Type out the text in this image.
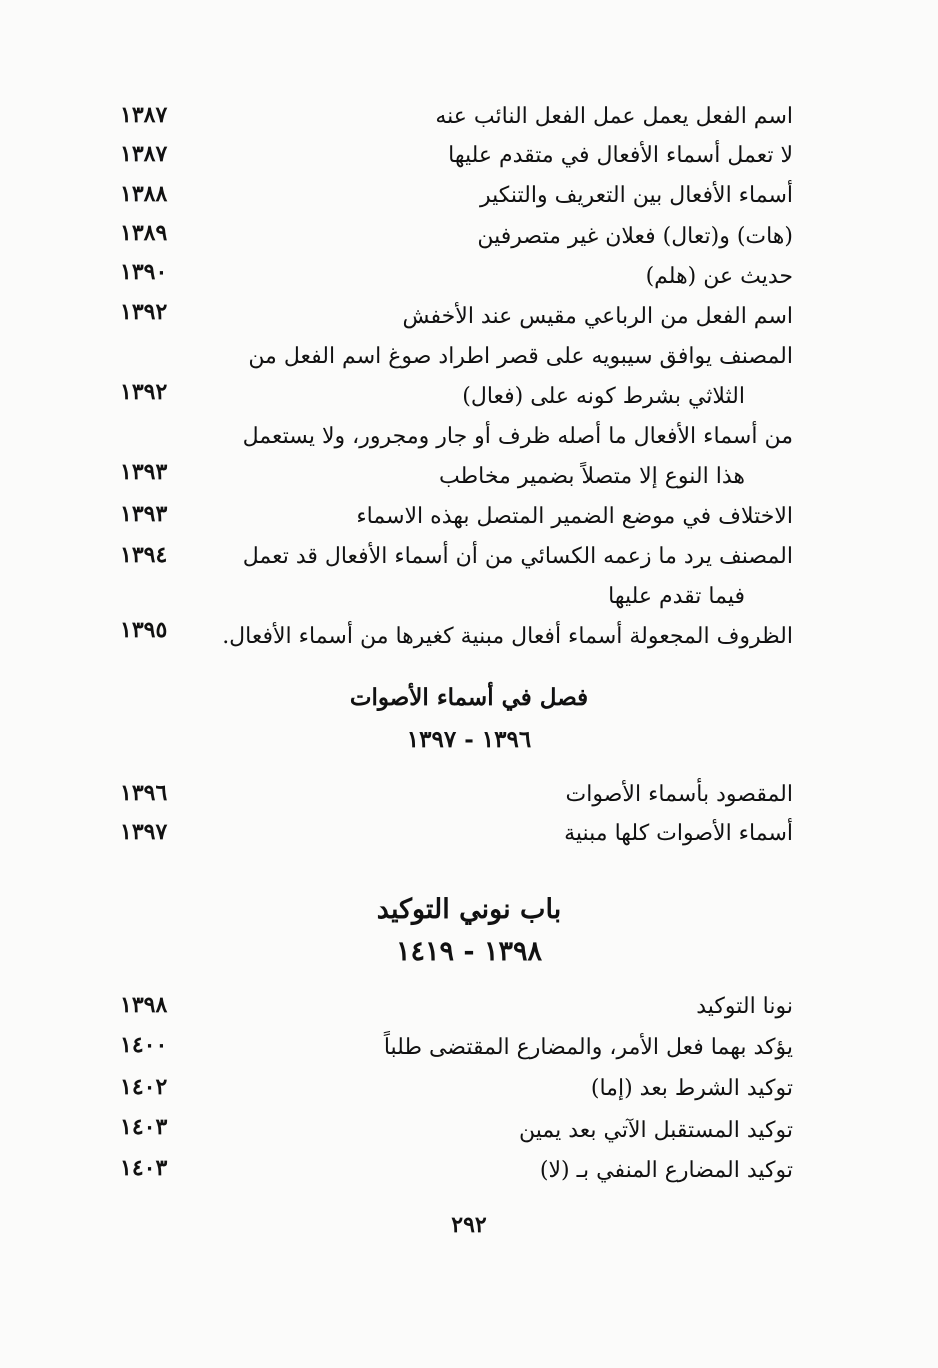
اسم الفعل يعمل عمل الفعل النائب عنه
١٣٨٧
لا تعمل أسماء الأفعال في متقدم عليها
١٣٨٧
أسماء الأفعال بين التعريف والتنكير
١٣٨٨
(هات) و(تعال) فعلان غير متصرفين
١٣٨٩
حديث عن (هلم)
١٣٩٠
اسم الفعل من الرباعي مقيس عند الأخفش
١٣٩٢
المصنف يوافق سيبويه على قصر اطراد صوغ اسم الفعل من
الثلاثي بشرط كونه على (فعال)
١٣٩٢
من أسماء الأفعال ما أصله ظرف أو جار ومجرور، ولا يستعمل
هذا النوع إلا متصلاً بضمير مخاطب
١٣٩٣
الاختلاف في موضع الضمير المتصل بهذه الاسماء
١٣٩٣
المصنف يرد ما زعمه الكسائي من أن أسماء الأفعال قد تعمل
فيما تقدم عليها
١٣٩٤
الظروف المجعولة أسماء أفعال مبنية كغيرها من أسماء الأفعال.
١٣٩٥
فصل في أسماء الأصوات
١٣٩٦ - ١٣٩٧
المقصود بأسماء الأصوات
١٣٩٦
أسماء الأصوات كلها مبنية
١٣٩٧
باب نوني التوكيد
١٣٩٨ - ١٤١٩
نونا التوكيد
١٣٩٨
يؤكد بهما فعل الأمر، والمضارع المقتضى طلباً
١٤٠٠
توكيد الشرط بعد (إما)
١٤٠٢
توكيد المستقبل الآتي بعد يمين
١٤٠٣
توكيد المضارع المنفي بـ (لا)
١٤٠٣
٢٩٢
